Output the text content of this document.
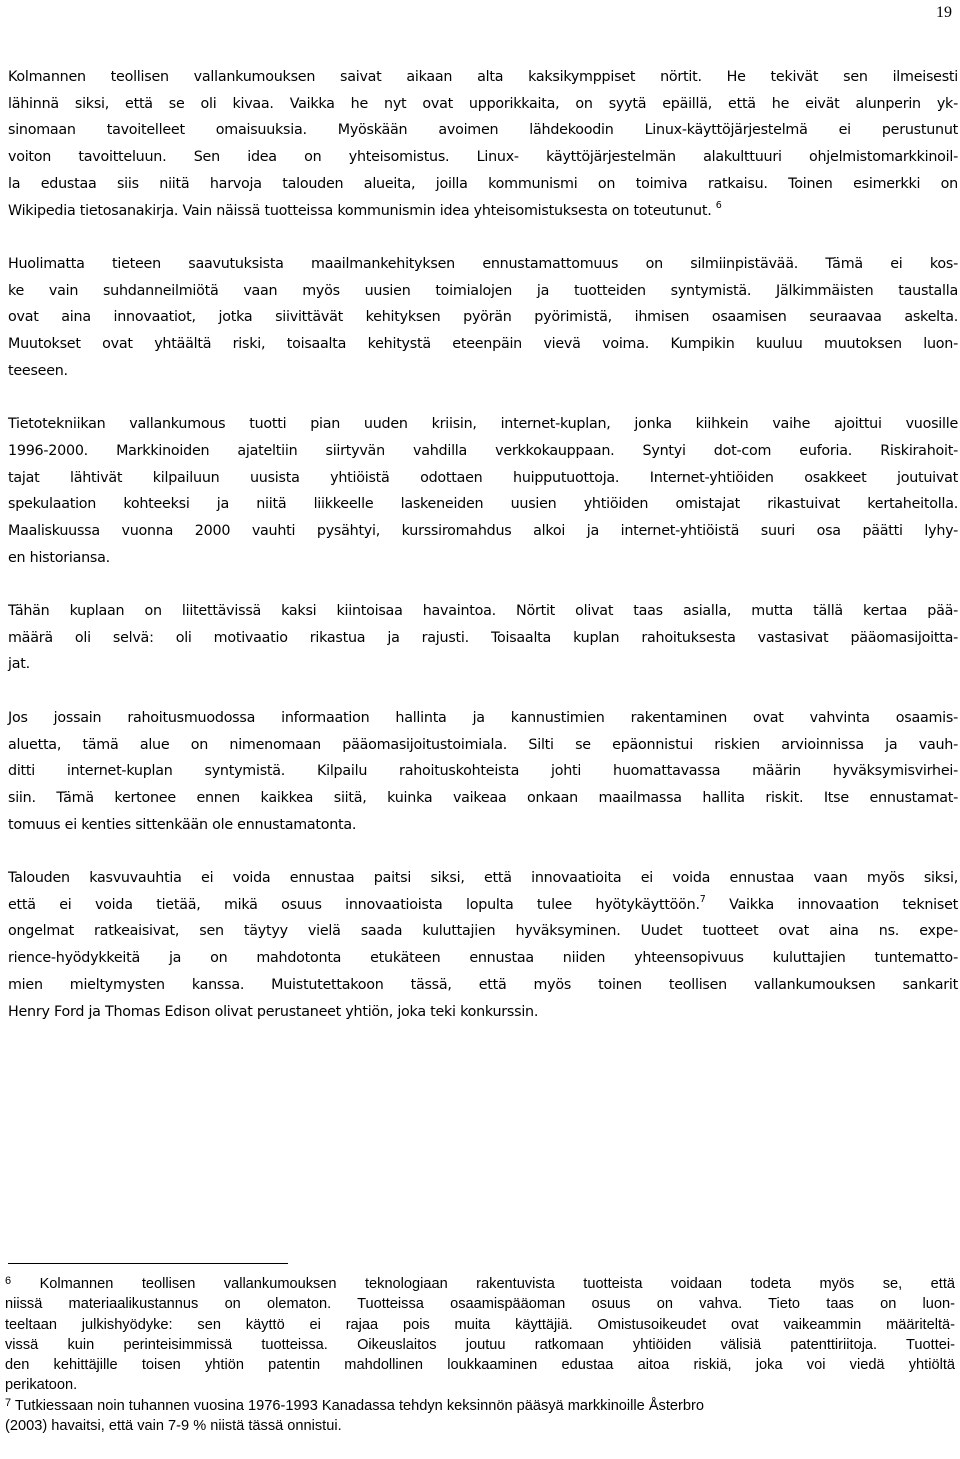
19

Kolmannen teollisen vallankumouksen saivat aikaan alta kaksikymppiset nörtit. He tekivät sen ilmeisesti
lähinnä siksi, että se oli kivaa. Vaikka he nyt ovat upporikkaita, on syytä epäillä, että he eivät alunperin yk-
sinomaan tavoitelleet omaisuuksia. Myöskään avoimen lähdekoodin Linux-käyttöjärjestelmä ei perustunut
voiton tavoitteluun. Sen idea on yhteisomistus. Linux- käyttöjärjestelmän alakulttuuri ohjelmistomarkkinoil-
la edustaa siis niitä harvoja talouden alueita, joilla kommunismi on toimiva ratkaisu. Toinen esimerkki on
Wikipedia tietosanakirja. Vain näissä tuotteissa kommunismin idea yhteisomistuksesta on toteutunut. $^6$

Huolimatta tieteen saavutuksista maailmankehityksen ennustamattomuus on silmiinpistävää. Tämä ei kos-
ke vain suhdanneilmiötä vaan myös uusien toimialojen ja tuotteiden syntymistä. Jälkimmäisten taustalla
ovat aina innovaatiot, jotka siivittävät kehityksen pyörän pyörimistä, ihmisen osaamisen seuraavaa askelta.
Muutokset ovat yhtäältä riski, toisaalta kehitystä eteenpäin vievä voima. Kumpikin kuuluu muutoksen luon-
teeseen.

Tietotekniikan vallankumous tuotti pian uuden kriisin, internet-kuplan, jonka kiihkein vaihe ajoittui vuosille
1996-2000. Markkinoiden ajateltiin siirtyvän vahdilla verkkokauppaan. Syntyi dot-com euforia. Riskirahoit-
tajat lähtivät kilpailuun uusista yhtiöistä odottaen huipputuottoja. Internet-yhtiöiden osakkeet joutuivat
spekulaation kohteeksi ja niitä liikkeelle laskeneiden uusien yhtiöiden omistajat rikastuivat kertaheitolla.
Maaliskuussa vuonna 2000 vauhti pysähtyi, kurssiromahdus alkoi ja internet-yhtiöistä suuri osa päätti lyhy-
en historiansa.

Tähän kuplaan on liitettävissä kaksi kiintoisaa havaintoa. Nörtit olivat taas asialla, mutta tällä kertaa pää-
määrä oli selvä: oli motivaatio rikastua ja rajusti. Toisaalta kuplan rahoituksesta vastasivat pääomasijoitta-
jat.

Jos jossain rahoitusmuodossa informaation hallinta ja kannustimien rakentaminen ovat vahvinta osaamis-
aluetta, tämä alue on nimenomaan pääomasijoitustoimiala. Silti se epäonnistui riskien arvioinnissa ja vauh-
ditti internet-kuplan syntymistä. Kilpailu rahoituskohteista johti huomattavassa määrin hyväksymisvirhei-
siin. Tämä kertonee ennen kaikkea siitä, kuinka vaikeaa onkaan maailmassa hallita riskit. Itse ennustamat-
tomuus ei kenties sittenkään ole ennustamatonta.

Talouden kasvuvauhtia ei voida ennustaa paitsi siksi, että innovaatioita ei voida ennustaa vaan myös siksi,
että ei voida tietää, mikä osuus innovaatioista lopulta tulee hyötykäyttöön.$^7$ Vaikka innovaation tekniset
ongelmat ratkeaisivat, sen täytyy vielä saada kuluttajien hyväksyminen. Uudet tuotteet ovat aina ns. expe-
rience-hyödykkeitä ja on mahdotonta etukäteen ennustaa niiden yhteensopivuus kuluttajien tuntematto-
mien mieltymysten kanssa. Muistutettakoon tässä, että myös toinen teollisen vallankumouksen sankarit
Henry Ford ja Thomas Edison olivat perustaneet yhtiön, joka teki konkurssin.

$^6$ Kolmannen teollisen vallankumouksen teknologiaan rakentuvista tuotteista voidaan todeta myös se, että
niissä materiaalikustannus on olematon. Tuotteissa osaamispääoman osuus on vahva. Tieto taas on luon-
teeltaan julkishyödyke: sen käyttö ei rajaa pois muita käyttäjiä. Omistusoikeudet ovat vaikeammin määriteltä-
vissä kuin perinteisimmissä tuotteissa. Oikeuslaitos joutuu ratkomaan yhtiöiden välisiä patenttiriitoja. Tuottei-
den kehittäjille toisen yhtiön patentin mahdollinen loukkaaminen edustaa aitoa riskiä, joka voi viedä yhtiöltä
perikatoon.
$^7$ Tutkiessaan noin tuhannen vuosina 1976-1993 Kanadassa tehdyn keksinnön pääsyä markkinoille Åsterbro
(2003) havaitsi, että vain 7-9 % niistä tässä onnistui.
